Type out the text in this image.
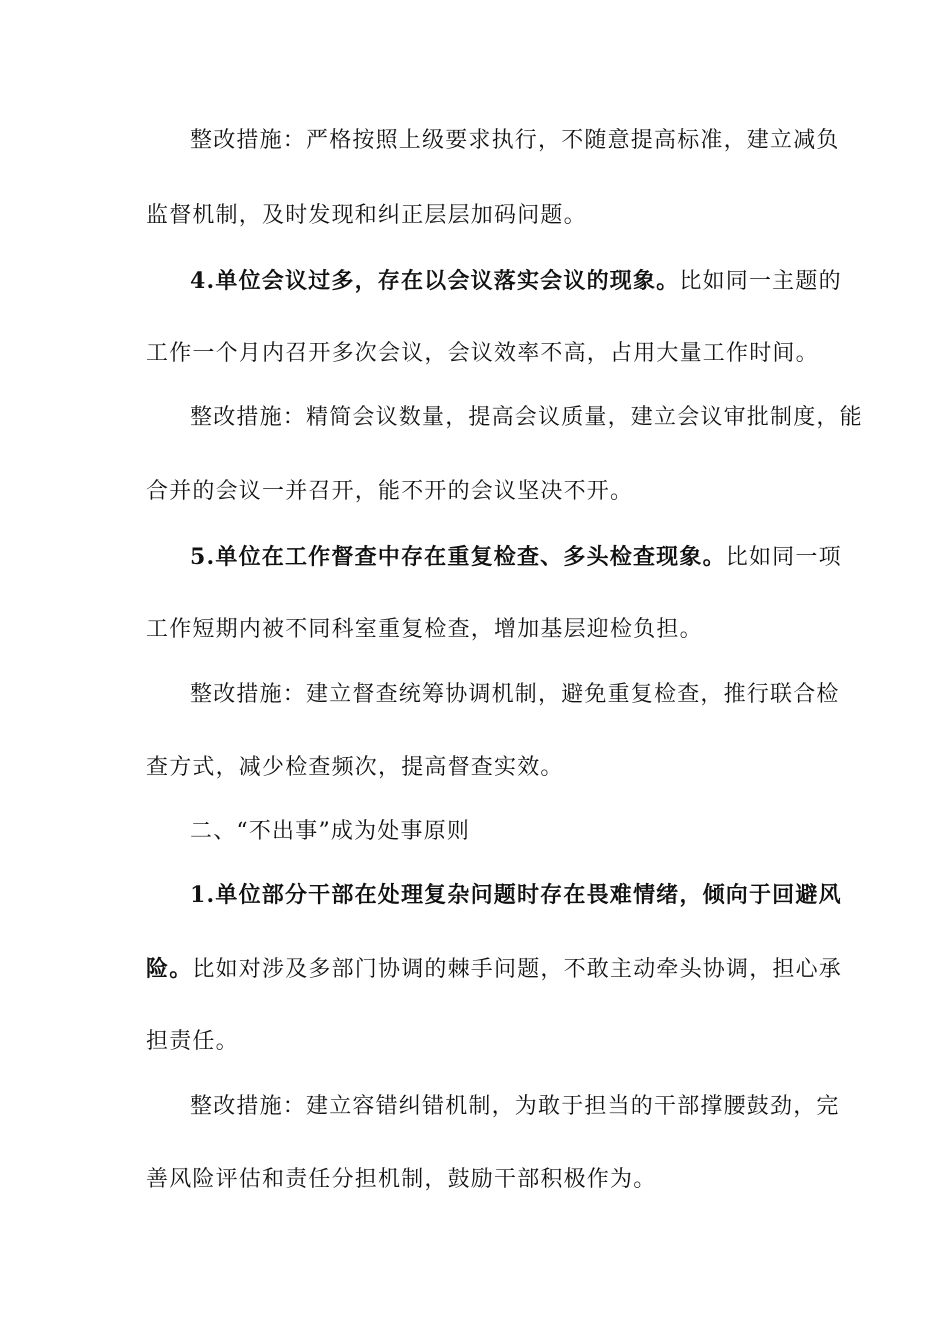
整改措施：严格按照上级要求执行，不随意提高标准，建立减负
监督机制，及时发现和纠正层层加码问题。
4.单位会议过多，存在以会议落实会议的现象。比如同一主题的
工作一个月内召开多次会议，会议效率不高，占用大量工作时间。
整改措施：精简会议数量，提高会议质量，建立会议审批制度，能
合并的会议一并召开，能不开的会议坚决不开。
5.单位在工作督查中存在重复检查、多头检查现象。比如同一项
工作短期内被不同科室重复检查，增加基层迎检负担。
整改措施：建立督查统筹协调机制，避免重复检查，推行联合检
查方式，减少检查频次，提高督查实效。
二、“不出事”成为处事原则
1.单位部分干部在处理复杂问题时存在畏难情绪，倾向于回避风
险。比如对涉及多部门协调的棘手问题，不敢主动牵头协调，担心承
担责任。
整改措施：建立容错纠错机制，为敢于担当的干部撑腰鼓劲，完
善风险评估和责任分担机制，鼓励干部积极作为。
